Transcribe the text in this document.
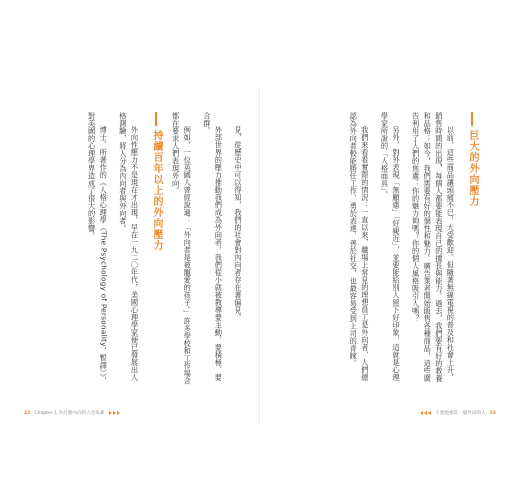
見，從歷史中可以得知，我們的社會對內向者存在著偏見。

外部世界的壓力推動我們成為外向者，我們從小就被教導要主動、要積極、要合群。

例如，一位英國人曾經說過：「外向者是被寵愛的孩子。」許多學校和工作場合都在要求人們表現外向。

持續百年以上的外向壓力

外向性壓力不是現在才出現，早在一九二〇年代，美國心理學家便已發展出人格測驗，將人分為內向者與外向者。

博士、所著作的《人格心理學（The Psychology of Personality，暫譯）》，對美國的心理學界造成了很大的影響。

22 Chapter 1 為什麼內向的人容易累
巨大的外向壓力

以前，這些商品讓頭痛不已，大受歡迎。但隨著無線電視的普及和社會上升，銷售時間的出現，每個人都要能表現自己的擅長與能力。過去，我們要有好的教養和品格；如今，我們需要有好的個性和魅力。廣告業者開始販售各種商品，這些廣告利用了人們的焦慮：你的魅力夠嗎？你的個人風格吸引人嗎？

另外，對外表現「無顧慮」「好親近」，並要能給別人留下好印象，這就是心理學家所說的「人格面具」。

我們來看看實際的情況：一直以來，職場上常見的理想員工是外向者，人們總認為外向者較能勝任工作、勇於表達、善於社交，也最容易受到上司的青睞。

不要勉強當一個外向的人 23
